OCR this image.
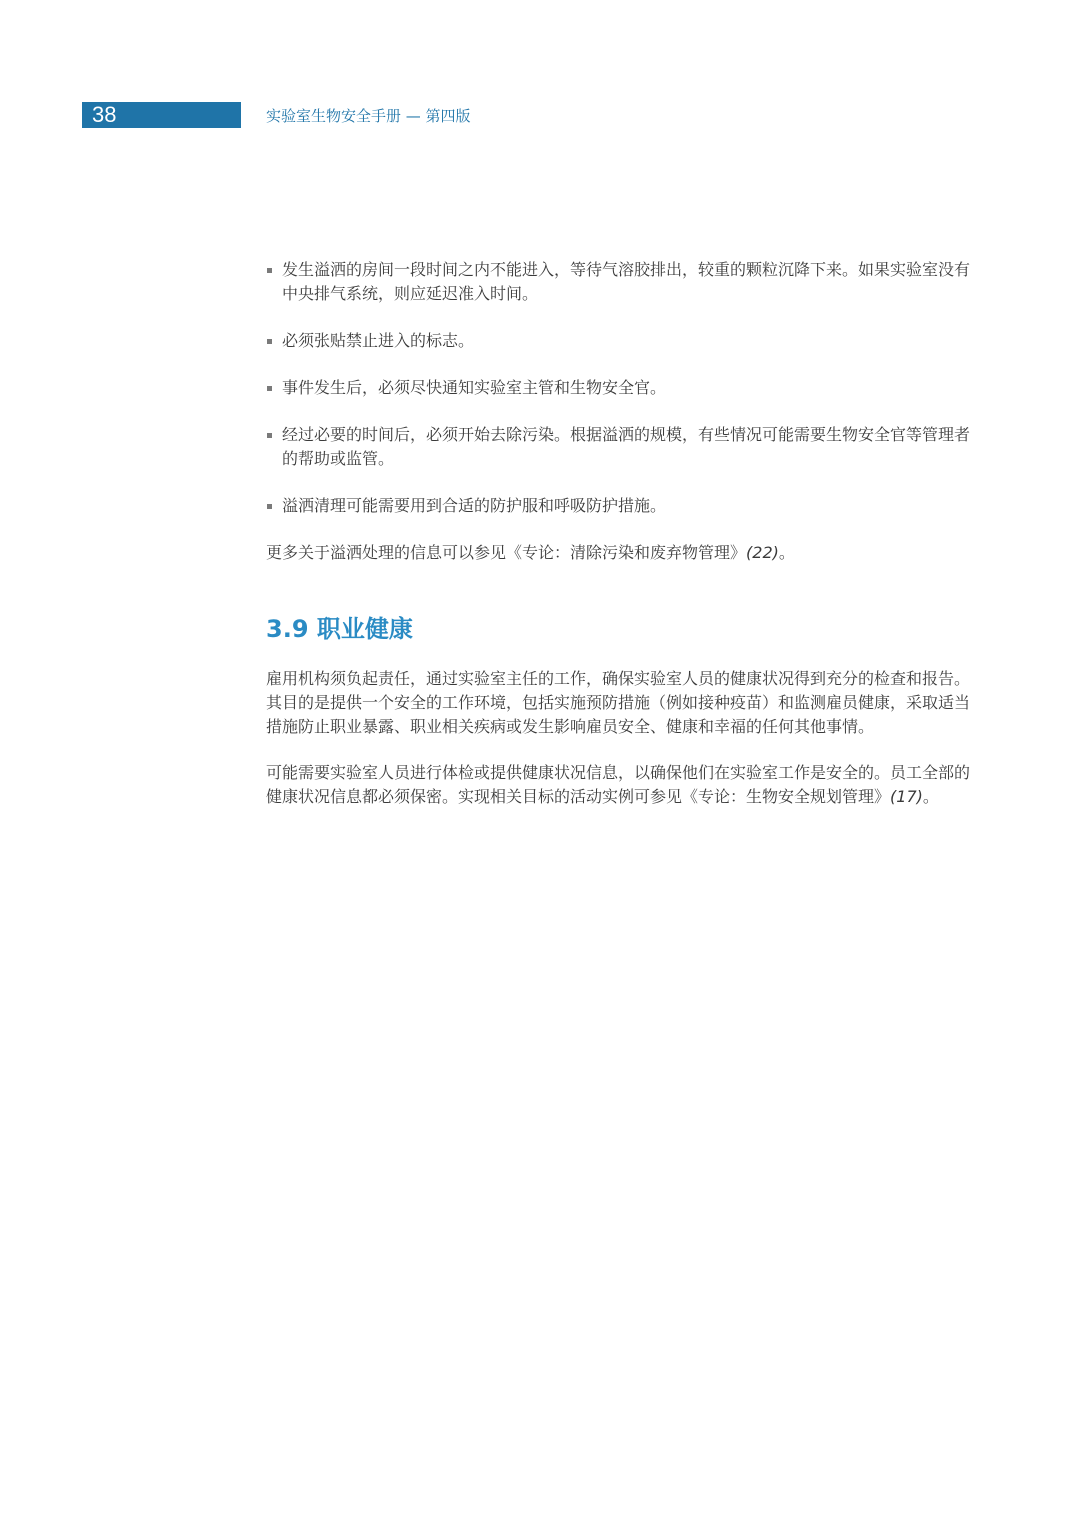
38	实验室生物安全手册 — 第四版
发生溢洒的房间一段时间之内不能进入，等待气溶胶排出，较重的颗粒沉降下来。如果实验室没有中央排气系统，则应延迟准入时间。
必须张贴禁止进入的标志。
事件发生后，必须尽快通知实验室主管和生物安全官。
经过必要的时间后，必须开始去除污染。根据溢洒的规模，有些情况可能需要生物安全官等管理者的帮助或监管。
溢洒清理可能需要用到合适的防护服和呼吸防护措施。

更多关于溢洒处理的信息可以参见《专论：清除污染和废弃物管理》(22)。

3.9 职业健康

雇用机构须负起责任，通过实验室主任的工作，确保实验室人员的健康状况得到充分的检查和报告。其目的是提供一个安全的工作环境，包括实施预防措施（例如接种疫苗）和监测雇员健康，采取适当措施防止职业暴露、职业相关疾病或发生影响雇员安全、健康和幸福的任何其他事情。

可能需要实验室人员进行体检或提供健康状况信息，以确保他们在实验室工作是安全的。员工全部的健康状况信息都必须保密。实现相关目标的活动实例可参见《专论：生物安全规划管理》(17)。
